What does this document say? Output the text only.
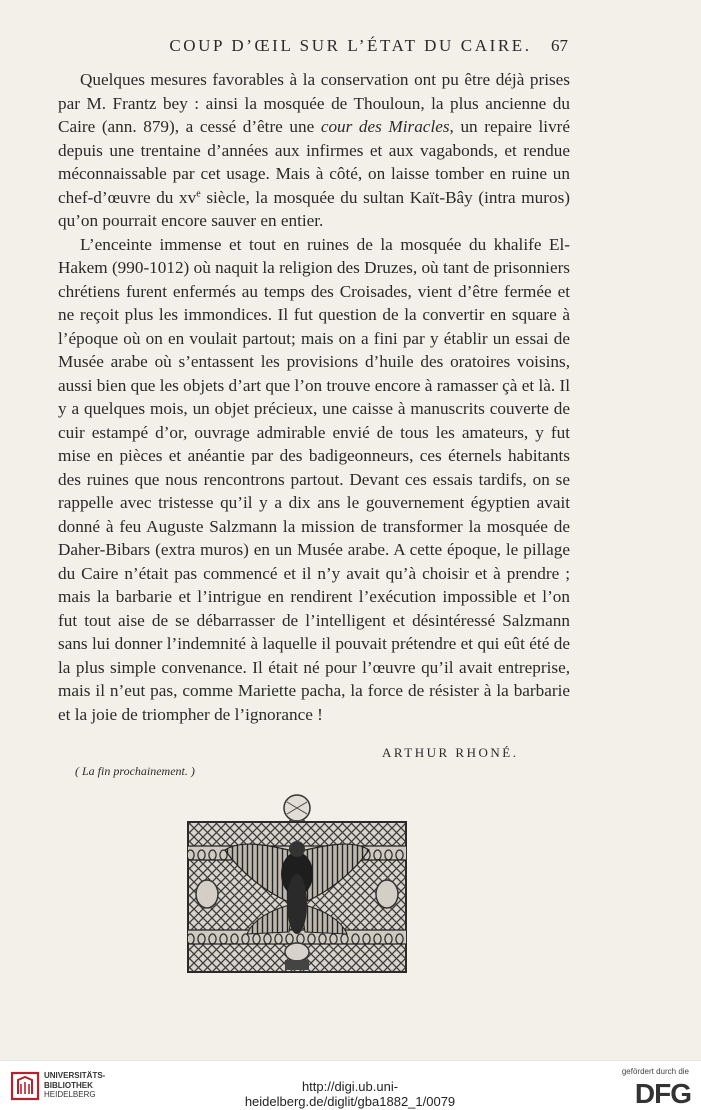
COUP D’ŒIL SUR L’ÉTAT DU CAIRE.	67

Quelques mesures favorables à la conservation ont pu être déjà prises par M. Frantz bey : ainsi la mosquée de Thouloun, la plus ancienne du Caire (ann. 879), a cessé d’être une cour des Miracles, un repaire livré depuis une trentaine d’années aux infirmes et aux vagabonds, et rendue méconnaissable par cet usage. Mais à côté, on laisse tomber en ruine un chef-d’œuvre du $xv^e$ siècle, la mosquée du sultan Kaït-Bây (intra muros) qu’on pourrait encore sauver en entier.

L’enceinte immense et tout en ruines de la mosquée du khalife El-Hakem (990-1012) où naquit la religion des Druzes, où tant de prisonniers chrétiens furent enfermés au temps des Croisades, vient d’être fermée et ne reçoit plus les immondices. Il fut question de la convertir en square à l’époque où on en voulait partout; mais on a fini par y établir un essai de Musée arabe où s’entassent les provisions d’huile des oratoires voisins, aussi bien que les objets d’art que l’on trouve encore à ramasser çà et là. Il y a quelques mois, un objet précieux, une caisse à manuscrits couverte de cuir estampé d’or, ouvrage admirable envié de tous les amateurs, y fut mise en pièces et anéantie par des badigeonneurs, ces éternels habitants des ruines que nous rencontrons partout. Devant ces essais tardifs, on se rappelle avec tristesse qu’il y a dix ans le gouvernement égyptien avait donné à feu Auguste Salzmann la mission de transformer la mosquée de Daher-Bibars (extra muros) en un Musée arabe. A cette époque, le pillage du Caire n’était pas commencé et il n’y avait qu’à choisir et à prendre ; mais la barbarie et l’intrigue en rendirent l’exécution impossible et l’on fut tout aise de se débarrasser de l’intelligent et désintéressé Salzmann sans lui donner l’indemnité à laquelle il pouvait prétendre et qui eût été de la plus simple convenance. Il était né pour l’œuvre qu’il avait entreprise, mais il n’eut pas, comme Mariette pacha, la force de résister à la barbarie et la joie de triompher de l’ignorance !

ARTHUR RHONÉ.
( La fin prochainement. )
UNIVERSITÄTS-
BIBLIOTHEK
HEIDELBERG
http://digi.ub.uni-heidelberg.de/diglit/gba1882_1/0079
gefördert durch die
DFG
